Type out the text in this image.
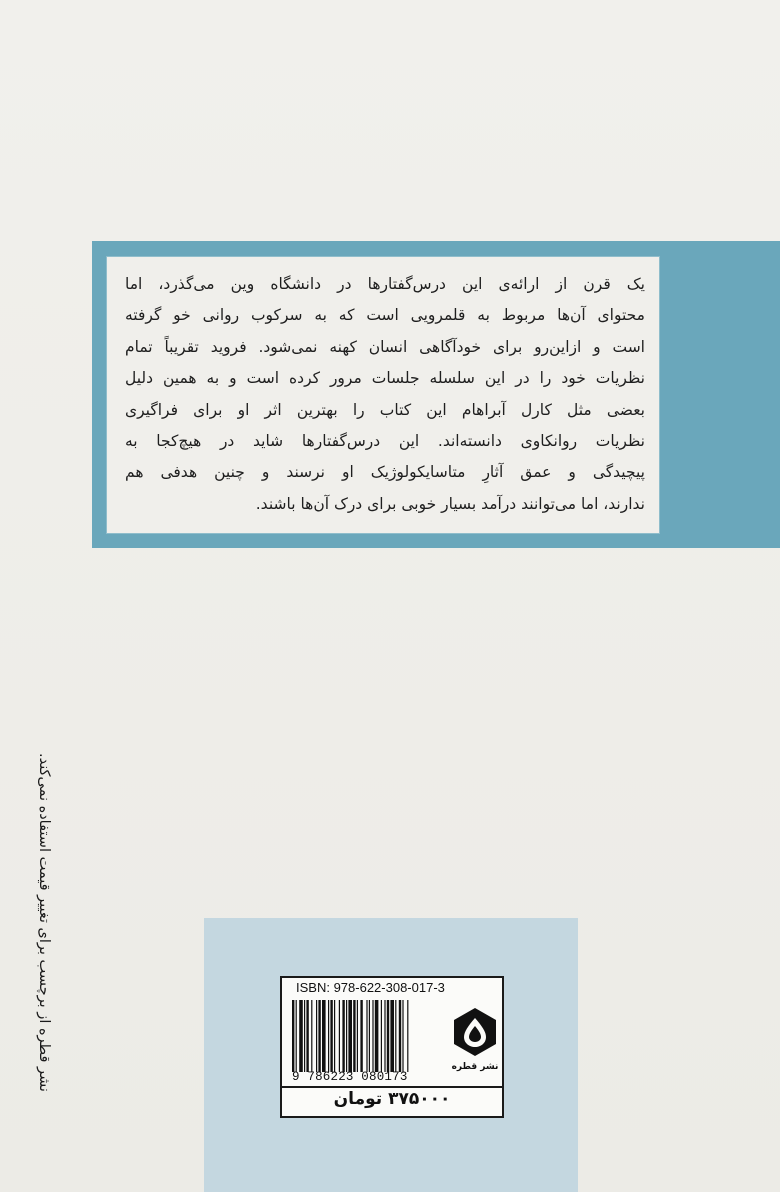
یک قرن از ارائه‌ی این درس‌گفتارها در دانشگاه وین می‌گذرد، اما
محتوای آن‌ها مربوط به قلمرویی است که به سرکوب روانی خو گرفته
است و ازاین‌رو برای خودآگاهی انسان کهنه نمی‌شود. فروید تقریباً تمام
نظریات خود را در این سلسله جلسات مرور کرده است و به همین دلیل
بعضی مثل کارل آبراهام این کتاب را بهترین اثر او برای فراگیری
نظریات روانکاوی دانسته‌اند. این درس‌گفتارها شاید در هیچ‌کجا به
پیچیدگی و عمق آثارِ متاسایکولوژیک او نرسند و چنین هدفی هم
ندارند، اما می‌توانند درآمد بسیار خوبی برای درک آن‌ها باشند.
نشر قطره از برچسب برای تغییر قیمت استفاده نمی‌کند.	ISBN: 978-622-308-017-3
9 786223 080173
نشر قطره
۳۷۵۰۰۰ تومان
